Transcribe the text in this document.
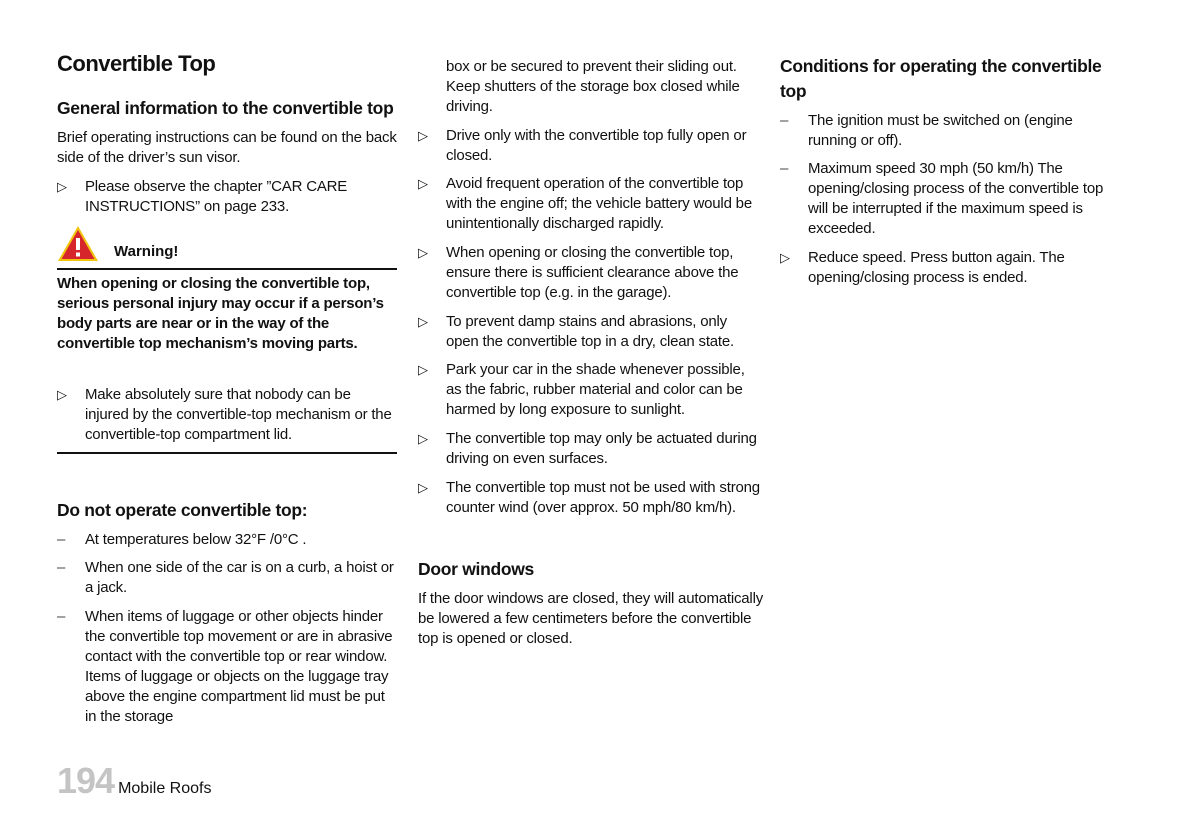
Convertible Top
General information to the convertible top
Brief operating instructions can be found on the back side of the driver’s sun visor.
▷	Please observe the chapter ”CAR CARE INSTRUCTIONS” on page 233.
Warning!
When opening or closing the convertible top, serious personal injury may occur if a person’s body parts are near or in the way of the convertible top mechanism’s moving parts.
▷	Make absolutely sure that nobody can be injured by the convertible-top mechanism or the convertible-top compartment lid.
Do not operate convertible top:
–	At temperatures below 32°F /0°C .
–	When one side of the car is on a curb, a hoist or a jack.
–	When items of luggage or other objects hinder the convertible top movement or are in abrasive contact with the convertible top or rear window. Items of luggage or objects on the luggage tray above the engine compartment lid must be put in the storage
box or be secured to prevent their sliding out. Keep shutters of the storage box closed while driving.
▷	Drive only with the convertible top fully open or closed.
▷	Avoid frequent operation of the convertible top with the engine off; the vehicle battery would be unintentionally discharged rapidly.
▷	When opening or closing the convertible top, ensure there is sufficient clearance above the convertible top (e.g. in the garage).
▷	To prevent damp stains and abrasions, only open the convertible top in a dry, clean state.
▷	Park your car in the shade whenever possible, as the fabric, rubber material and color can be harmed by long exposure to sunlight.
▷	The convertible top may only be actuated during driving on even surfaces.
▷	The convertible top must not be used with strong counter wind (over approx. 50 mph/80 km/h).
Door windows
If the door windows are closed, they will automatically be lowered a few centimeters before the convertible top is opened or closed.
Conditions for operating the convertible top
–	The ignition must be switched on (engine running or off).
–	Maximum speed 30 mph (50 km/h) The opening/closing process of the convertible top will be interrupted if the maximum speed is exceeded.
▷	Reduce speed. Press button again. The opening/closing process is ended.
194 Mobile Roofs
